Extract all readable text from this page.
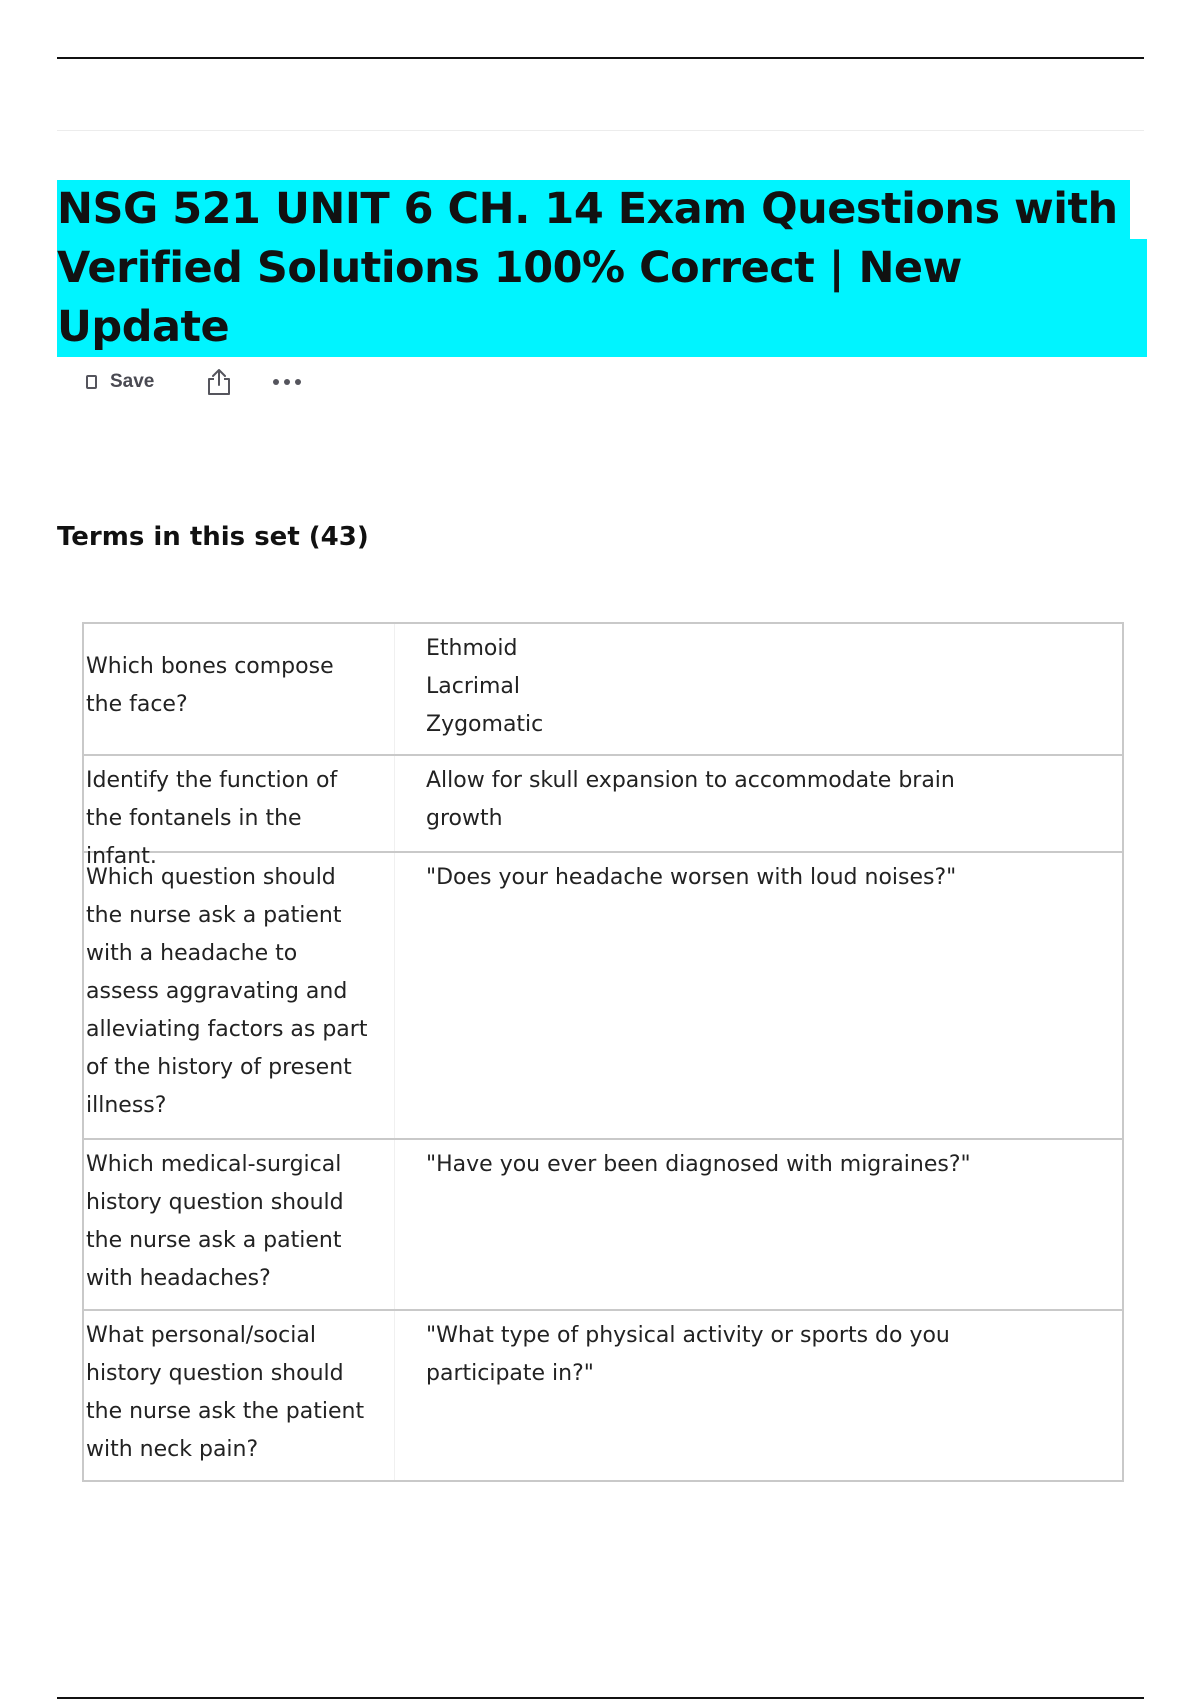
NSG 521 UNIT 6 CH. 14 Exam Questions with
Verified Solutions 100% Correct | New Update
Save
Terms in this set (43)
Which bones compose the face?
Ethmoid
Lacrimal
Zygomatic
Identify the function of the fontanels in the infant.
Allow for skull expansion to accommodate brain growth
Which question should the nurse ask a patient with a headache to assess aggravating and alleviating factors as part of the history of present illness?
"Does your headache worsen with loud noises?"
Which medical-surgical history question should the nurse ask a patient with headaches?
"Have you ever been diagnosed with migraines?"
What personal/social history question should the nurse ask the patient with neck pain?
"What type of physical activity or sports do you participate in?"
